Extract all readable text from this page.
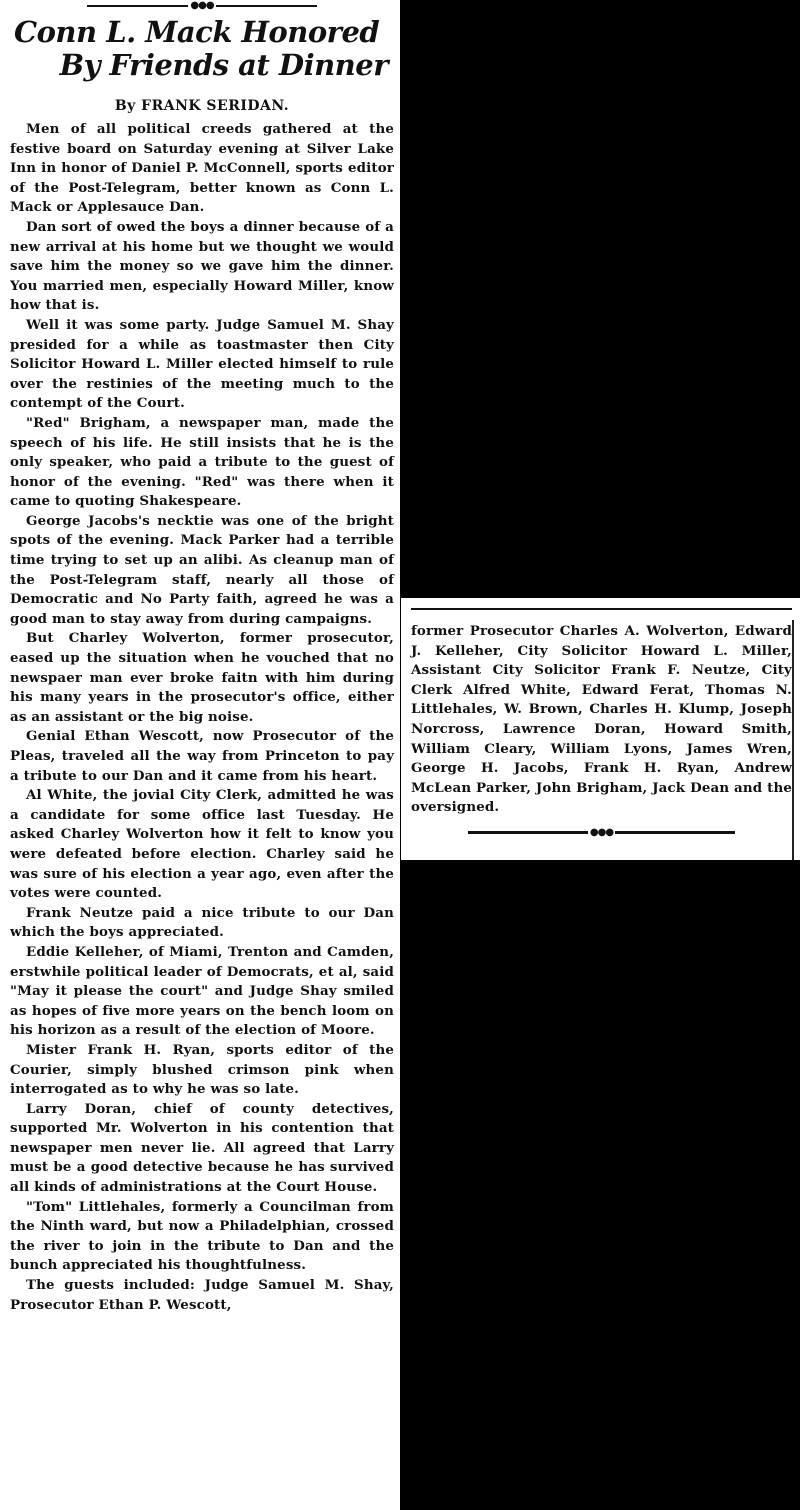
●●●
Conn L. Mack Honored
By Friends at Dinner
By FRANK SERIDAN.

Men of all political creeds gathered at the festive board on Saturday evening at Silver Lake Inn in honor of Daniel P. McConnell, sports editor of the Post-Telegram, better known as Conn L. Mack or Applesauce Dan.

Dan sort of owed the boys a dinner because of a new arrival at his home but we thought we would save him the money so we gave him the dinner. You married men, especially Howard Miller, know how that is.

Well it was some party. Judge Samuel M. Shay presided for a while as toastmaster then City Solicitor Howard L. Miller elected himself to rule over the restinies of the meeting much to the contempt of the Court.

"Red" Brigham, a newspaper man, made the speech of his life. He still insists that he is the only speaker, who paid a tribute to the guest of honor of the evening. "Red" was there when it came to quoting Shakespeare.

George Jacobs's necktie was one of the bright spots of the evening. Mack Parker had a terrible time trying to set up an alibi. As cleanup man of the Post-Telegram staff, nearly all those of Democratic and No Party faith, agreed he was a good man to stay away from during campaigns.

But Charley Wolverton, former prosecutor, eased up the situation when he vouched that no newspaer man ever broke faitn with him during his many years in the prosecutor's office, either as an assistant or the big noise.

Genial Ethan Wescott, now Prosecutor of the Pleas, traveled all the way from Princeton to pay a tribute to our Dan and it came from his heart.

Al White, the jovial City Clerk, admitted he was a candidate for some office last Tuesday. He asked Charley Wolverton how it felt to know you were defeated before election. Charley said he was sure of his election a year ago, even after the votes were counted.

Frank Neutze paid a nice tribute to our Dan which the boys appreciated.

Eddie Kelleher, of Miami, Trenton and Camden, erstwhile political leader of Democrats, et al, said "May it please the court" and Judge Shay smiled as hopes of five more years on the bench loom on his horizon as a result of the election of Moore.

Mister Frank H. Ryan, sports editor of the Courier, simply blushed crimson pink when interrogated as to why he was so late.

Larry Doran, chief of county detectives, supported Mr. Wolverton in his contention that newspaper men never lie. All agreed that Larry must be a good detective because he has survived all kinds of administrations at the Court House.

"Tom" Littlehales, formerly a Councilman from the Ninth ward, but now a Philadelphian, crossed the river to join in the tribute to Dan and the bunch appreciated his thoughtfulness.

The guests included: Judge Samuel M. Shay, Prosecutor Ethan P. Wescott,

former Prosecutor Charles A. Wolverton, Edward J. Kelleher, City Solicitor Howard L. Miller, Assistant City Solicitor Frank F. Neutze, City Clerk Alfred White, Edward Ferat, Thomas N. Littlehales, W. Brown, Charles H. Klump, Joseph Norcross, Lawrence Doran, Howard Smith, William Cleary, William Lyons, James Wren, George H. Jacobs, Frank H. Ryan, Andrew McLean Parker, John Brigham, Jack Dean and the oversigned.

●●●
